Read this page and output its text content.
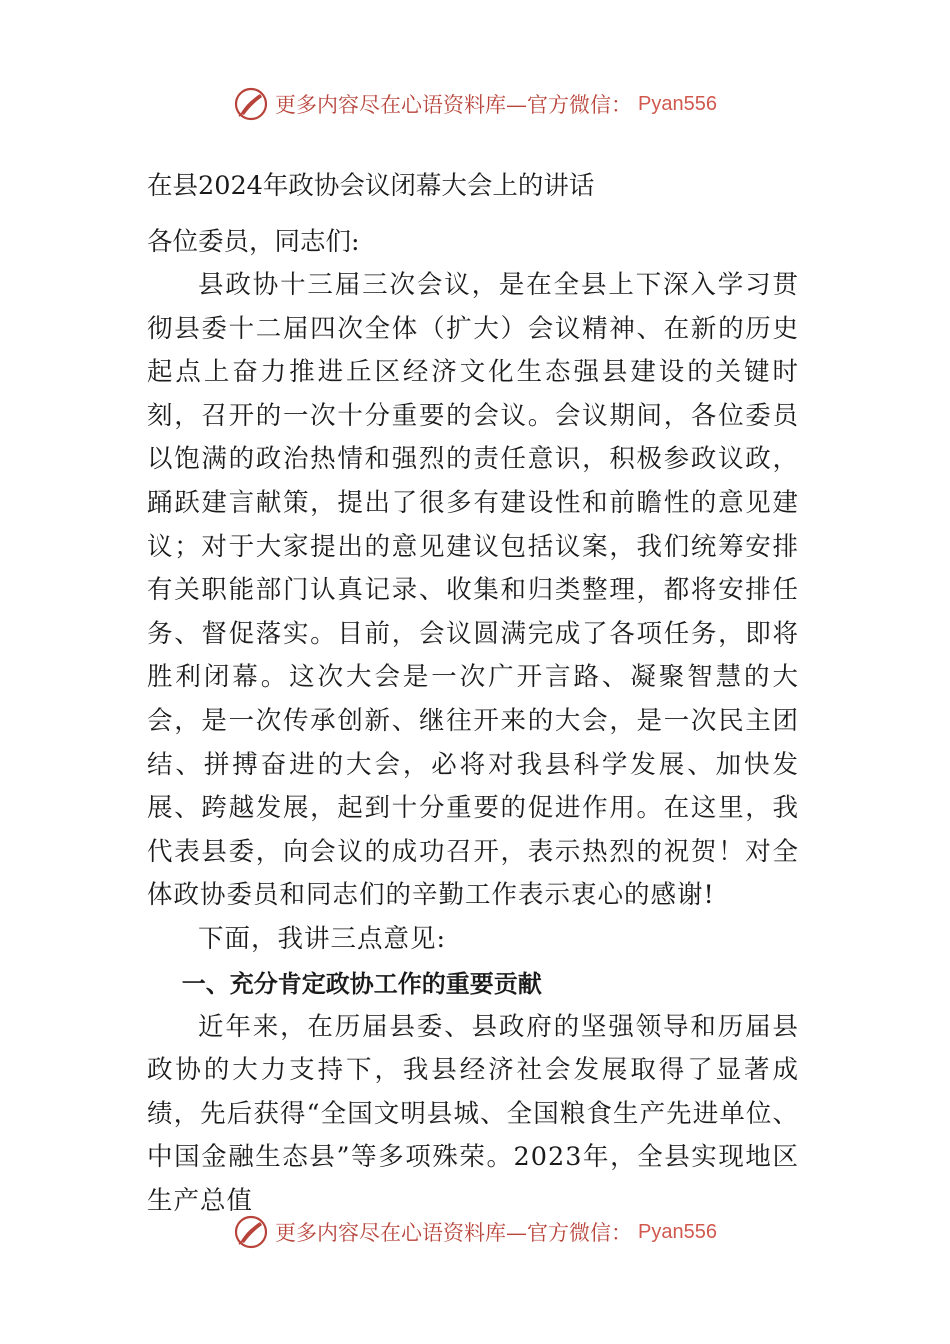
更多内容尽在心语资料库—官方微信： Pyan556
在县2024年政协会议闭幕大会上的讲话
各位委员，同志们:

县政协十三届三次会议，是在全县上下深入学习贯彻县委十二届四次全体（扩大）会议精神、在新的历史起点上奋力推进丘区经济文化生态强县建设的关键时刻，召开的一次十分重要的会议。会议期间，各位委员以饱满的政治热情和强烈的责任意识，积极参政议政，踊跃建言献策，提出了很多有建设性和前瞻性的意见建议；对于大家提出的意见建议包括议案，我们统筹安排有关职能部门认真记录、收集和归类整理，都将安排任务、督促落实。目前，会议圆满完成了各项任务，即将胜利闭幕。这次大会是一次广开言路、凝聚智慧的大会，是一次传承创新、继往开来的大会，是一次民主团结、拼搏奋进的大会，必将对我县科学发展、加快发展、跨越发展，起到十分重要的促进作用。在这里，我代表县委，向会议的成功召开，表示热烈的祝贺！对全体政协委员和同志们的辛勤工作表示衷心的感谢!

下面，我讲三点意见:

一、充分肯定政协工作的重要贡献

近年来，在历届县委、县政府的坚强领导和历届县政协的大力支持下，我县经济社会发展取得了显著成绩，先后获得“全国文明县城、全国粮食生产先进单位、中国金融生态县”等多项殊荣。2023年，全县实现地区生产总值

更多内容尽在心语资料库—官方微信： Pyan556
